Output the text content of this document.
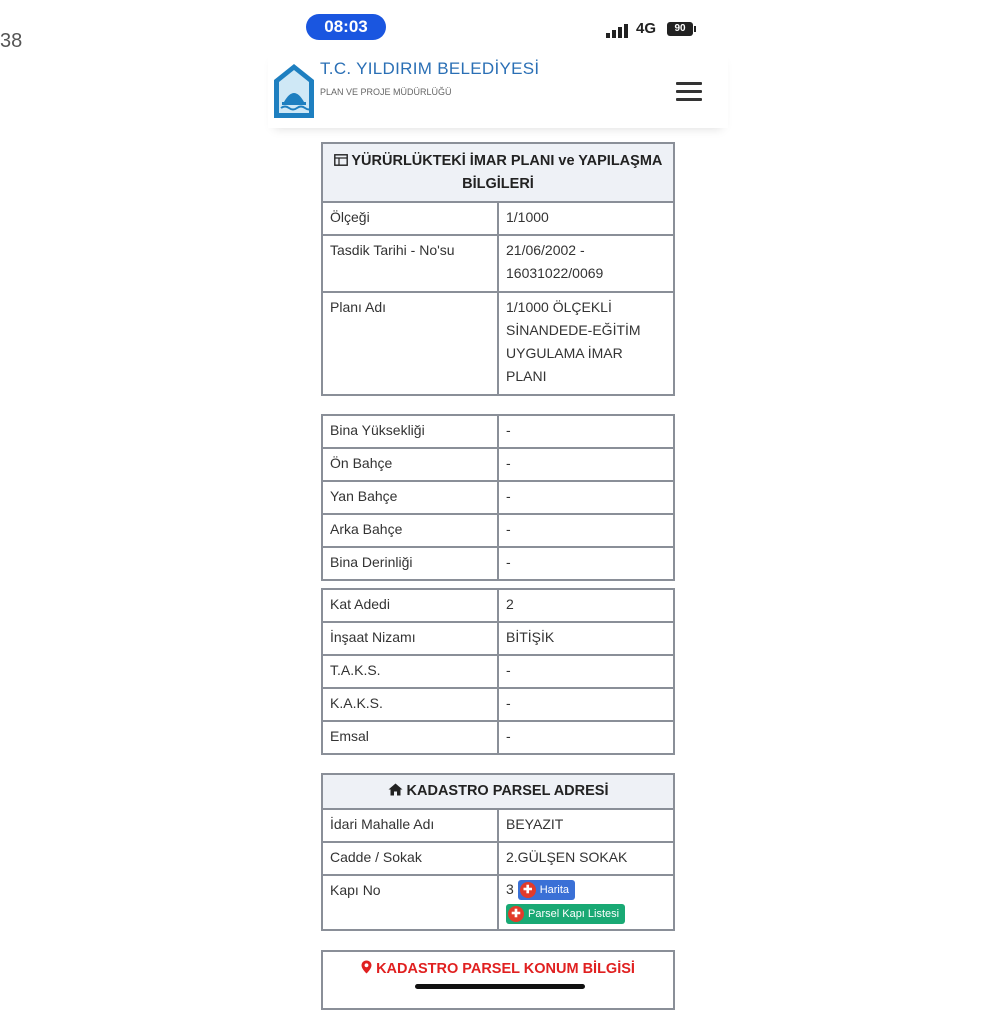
38
08:03	4G	90
T.C. YILDIRIM BELEDİYESİ
PLAN VE PROJE MÜDÜRLÜĞÜ
YÜRÜRLÜKTEKİ İMAR PLANI ve YAPILAŞMA BİLGİLERİ
Ölçeği	1/1000
Tasdik Tarihi - No'su	21/06/2002 - 16031022/0069
Planı Adı	1/1000 ÖLÇEKLİ SİNANDEDE-EĞİTİM UYGULAMA İMAR PLANI
Bina Yüksekliği	-
Ön Bahçe	-
Yan Bahçe	-
Arka Bahçe	-
Bina Derinliği	-
Kat Adedi	2
İnşaat Nizamı	BİTİŞİK
T.A.K.S.	-
K.A.K.S.	-
Emsal	-
KADASTRO PARSEL ADRESİ
İdari Mahalle Adı	BEYAZIT
Cadde / Sokak	2.GÜLŞEN SOKAK
Kapı No	3 ✚ Harita

✚ Parsel Kapı Listesi
KADASTRO PARSEL KONUM BİLGİSİ
